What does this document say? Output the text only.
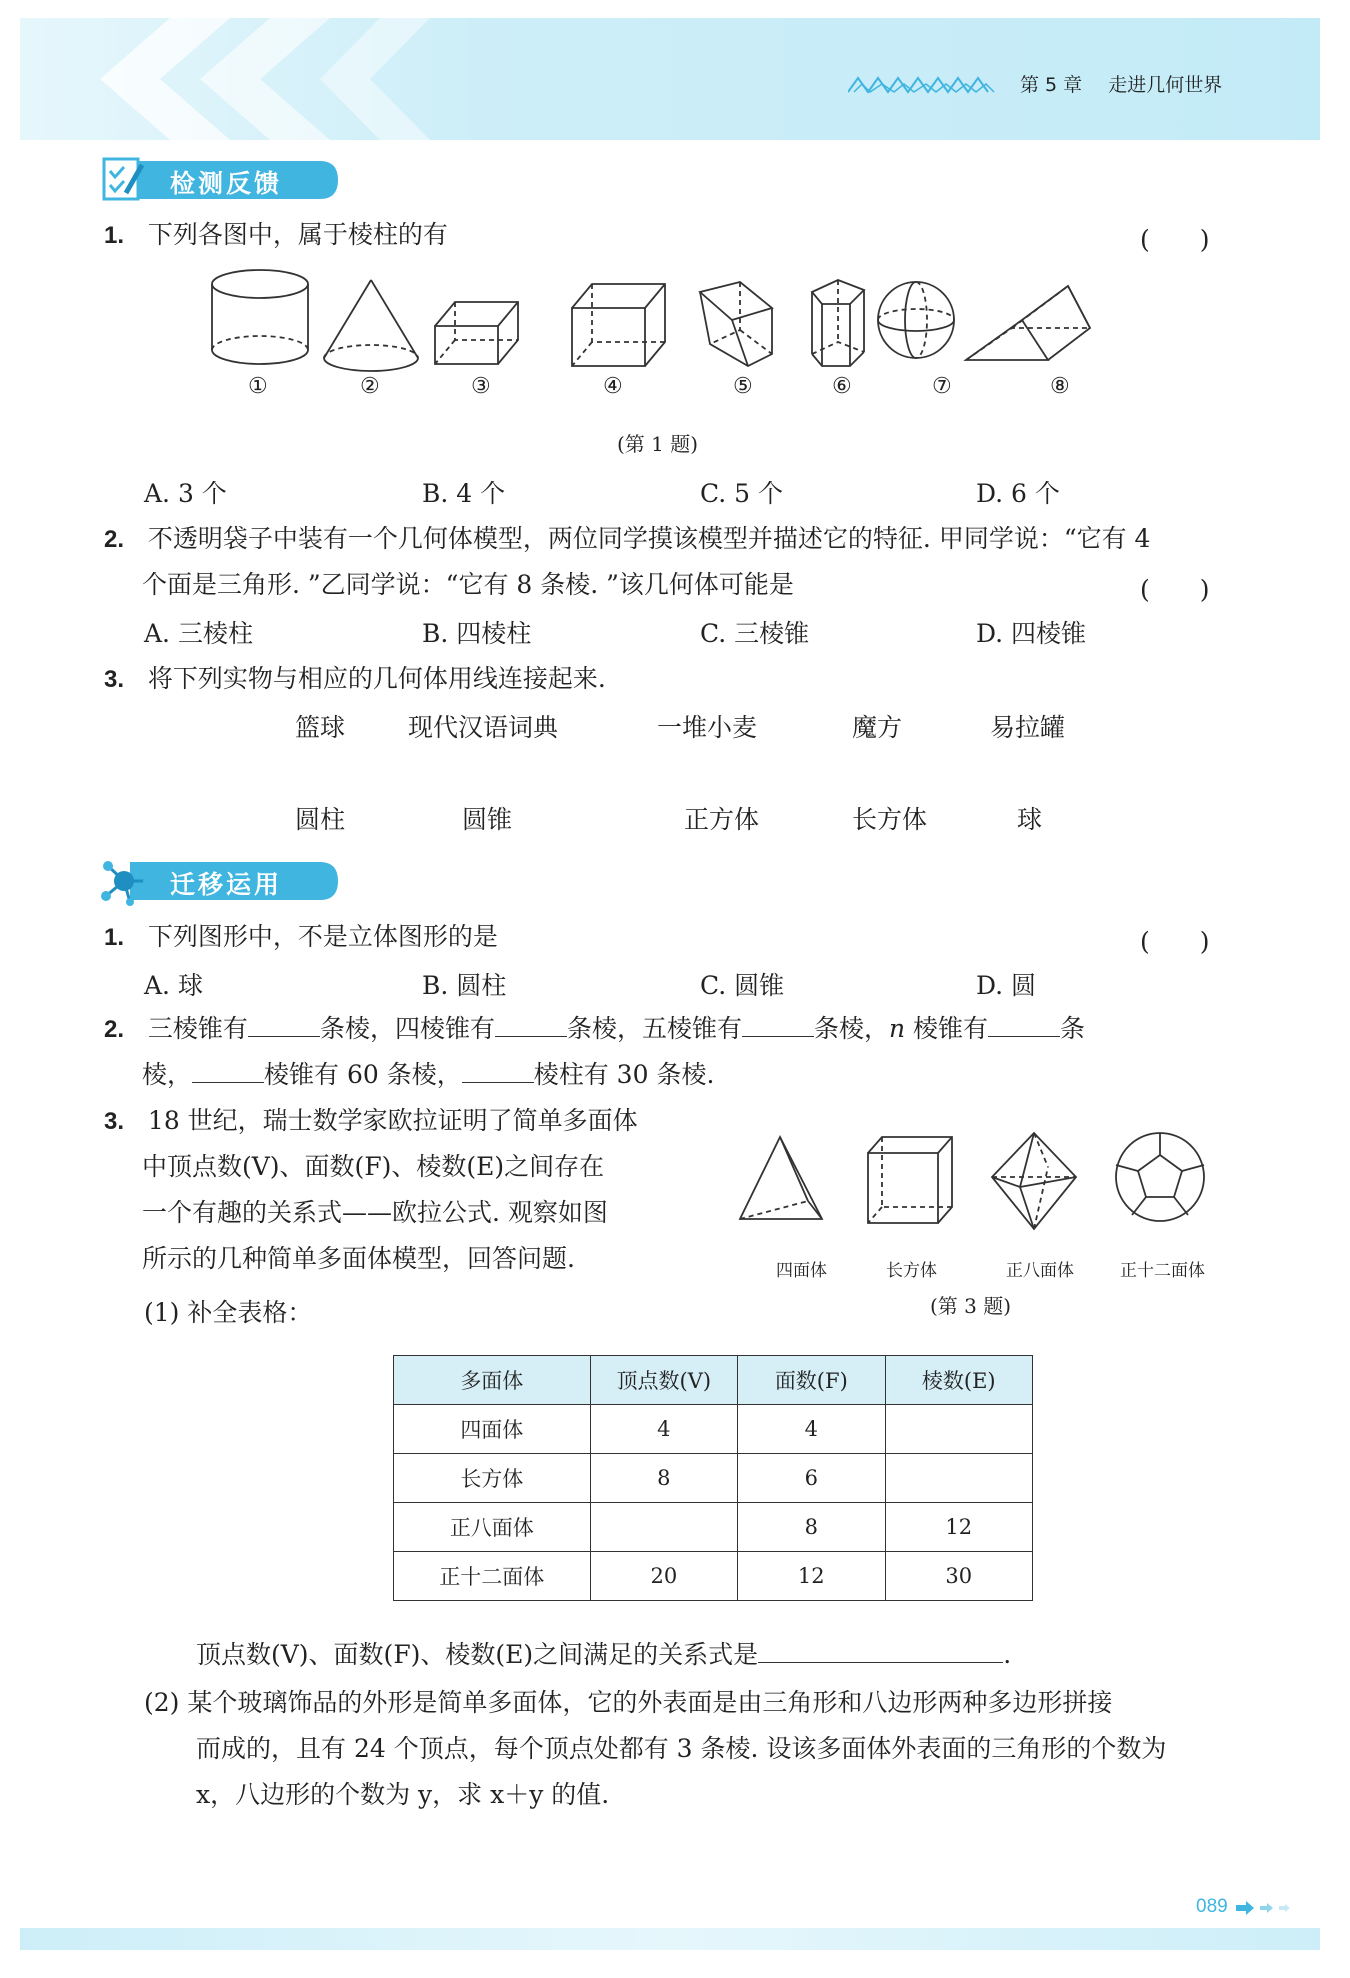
第 5 章 走进几何世界
检测反馈
1. 下列各图中，属于棱柱的有	(　　)
①	②	③	④	⑤	⑥	⑦	⑧
(第 1 题)
A. 3 个	B. 4 个	C. 5 个	D. 6 个
2. 不透明袋子中装有一个几何体模型，两位同学摸该模型并描述它的特征. 甲同学说：“它有 4
个面是三角形. ”乙同学说：“它有 8 条棱. ”该几何体可能是	(　　)
A. 三棱柱	B. 四棱柱	C. 三棱锥	D. 四棱锥
3. 将下列实物与相应的几何体用线连接起来.
篮球	现代汉语词典	一堆小麦	魔方	易拉罐
圆柱	圆锥	正方体	长方体	球
迁移运用
1. 下列图形中，不是立体图形的是	(　　)
A. 球	B. 圆柱	C. 圆锥	D. 圆
2. 三棱锥有	条棱，四棱锥有	条棱，五棱锥有	条棱，n 棱锥有	条
棱，	棱锥有 60 条棱，	棱柱有 30 条棱.
3. 18 世纪，瑞士数学家欧拉证明了简单多面体
中顶点数(V)、面数(F)、棱数(E)之间存在
一个有趣的关系式——欧拉公式. 观察如图
所示的几种简单多面体模型，回答问题.	四面体	长方体	正八面体	正十二面体
(第 3 题)
(1) 补全表格：
多面体	顶点数(V)	面数(F)	棱数(E)
四面体	4	4	
长方体	8	6	
正八面体		8	12
正十二面体	20	12	30
顶点数(V)、面数(F)、棱数(E)之间满足的关系式是	.
(2) 某个玻璃饰品的外形是简单多面体，它的外表面是由三角形和八边形两种多边形拼接
而成的，且有 24 个顶点，每个顶点处都有 3 条棱. 设该多面体外表面的三角形的个数为
x，八边形的个数为 y，求 x＋y 的值.
089
